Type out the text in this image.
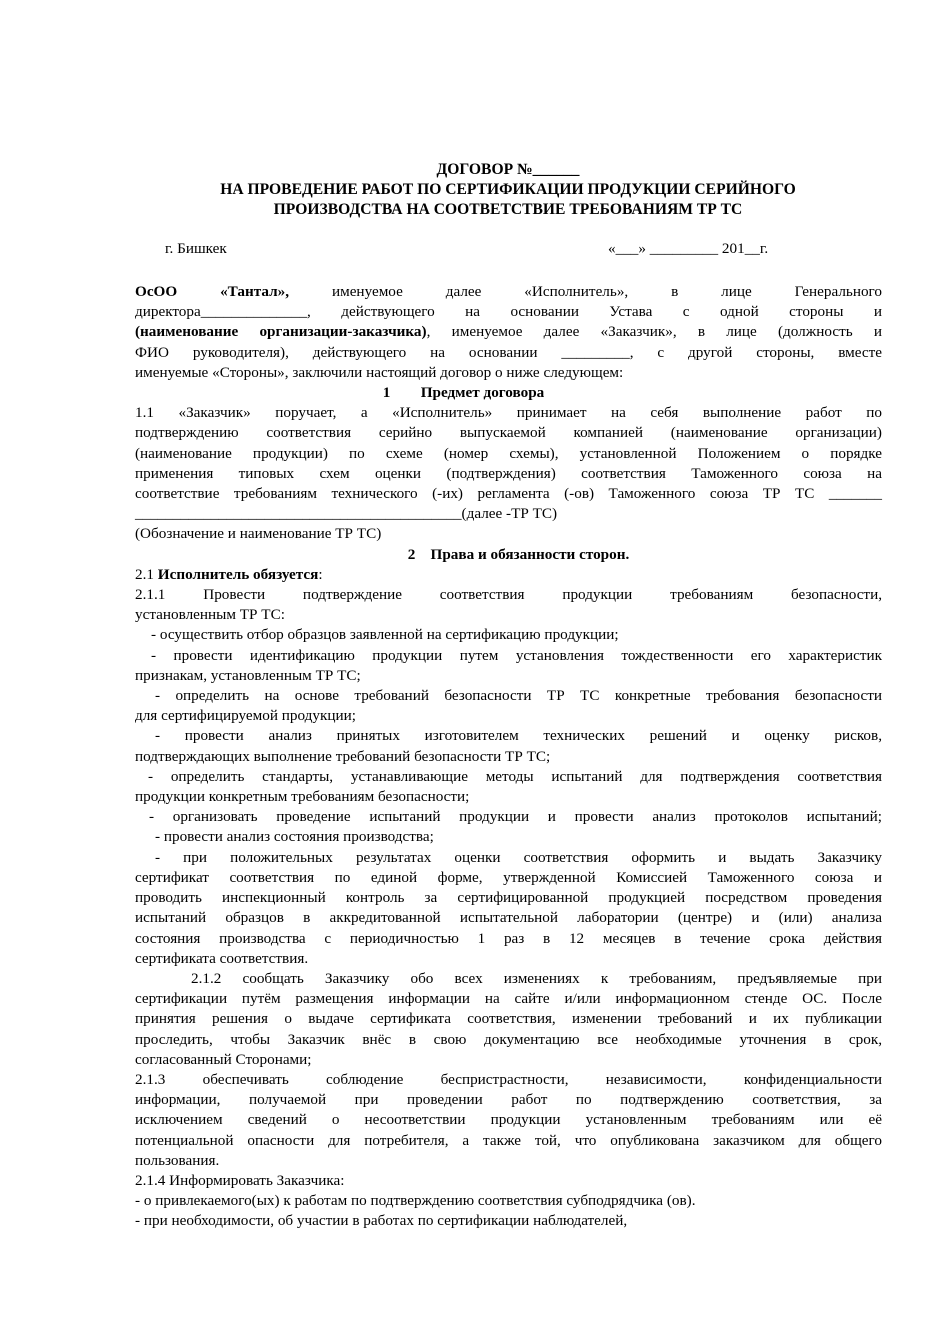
ДОГОВОР №______
НА ПРОВЕДЕНИЕ РАБОТ ПО СЕРТИФИКАЦИИ ПРОДУКЦИИ СЕРИЙНОГО
ПРОИЗВОДСТВА НА СООТВЕТСТВИЕ ТРЕБОВАНИЯМ ТР ТС
г. Бишкек	«___» _________ 201__г.
ОсОО «Тантал», именуемое далее «Исполнитель», в лице Генерального
директора______________, действующего на основании Устава с одной стороны и
(наименование организации-заказчика), именуемое далее «Заказчик», в лице (должность и
ФИО руководителя), действующего на основании _________, с другой стороны, вместе
именуемые «Стороны», заключили настоящий договор о ниже следующем:
1        Предмет договора
1.1 «Заказчик» поручает, а «Исполнитель» принимает на себя выполнение работ по
подтверждению соответствия серийно выпускаемой компанией (наименование организации)
(наименование продукции) по схеме (номер схемы), установленной Положением о порядке
применения типовых схем оценки (подтверждения) соответствия Таможенного союза на
соответствие требованиям технического (-их) регламента (-ов) Таможенного союза ТР ТС _______
___________________________________________(далее -ТР ТС)
(Обозначение и наименование ТР ТС)
2    Права и обязанности сторон.
2.1 Исполнитель обязуется:
2.1.1 Провести подтверждение соответствия продукции требованиям безопасности,
установленным ТР ТС:
- осуществить отбор образцов заявленной на сертификацию продукции;
- провести идентификацию продукции путем установления тождественности его характеристик
признакам, установленным ТР ТС;
- определить на основе требований безопасности ТР ТС конкретные требования безопасности
для сертифицируемой продукции;
- провести анализ принятых изготовителем технических решений и оценку рисков,
подтверждающих выполнение требований безопасности ТР ТС;
- определить стандарты, устанавливающие методы испытаний для подтверждения соответствия
продукции конкретным требованиям безопасности;
- организовать проведение испытаний продукции и провести анализ протоколов испытаний;
- провести анализ состояния производства;
- при положительных результатах оценки соответствия оформить и выдать Заказчику
сертификат соответствия по единой форме, утвержденной Комиссией Таможенного союза и
проводить инспекционный контроль за сертифицированной продукцией посредством проведения
испытаний образцов в аккредитованной испытательной лаборатории (центре) и (или) анализа
состояния производства с периодичностью 1 раз в 12 месяцев в течение срока действия
сертификата соответствия.
2.1.2 сообщать Заказчику обо всех изменениях к требованиям, предъявляемые при
сертификации путём размещения информации на сайте и/или информационном стенде ОС. После
принятия решения о выдаче сертификата соответствия, изменении требований и их публикации
проследить, чтобы Заказчик внёс в свою документацию все необходимые уточнения в срок,
согласованный Сторонами;
2.1.3 обеспечивать соблюдение беспристрастности, независимости, конфиденциальности
информации, получаемой при проведении работ по подтверждению соответствия, за
исключением сведений о несоответствии продукции установленным требованиям или её
потенциальной опасности для потребителя, а также той, что опубликована заказчиком для общего
пользования.
2.1.4 Информировать Заказчика:
- о привлекаемого(ых) к работам по подтверждению соответствия субподрядчика (ов).
- при необходимости, об участии в работах по сертификации наблюдателей,
